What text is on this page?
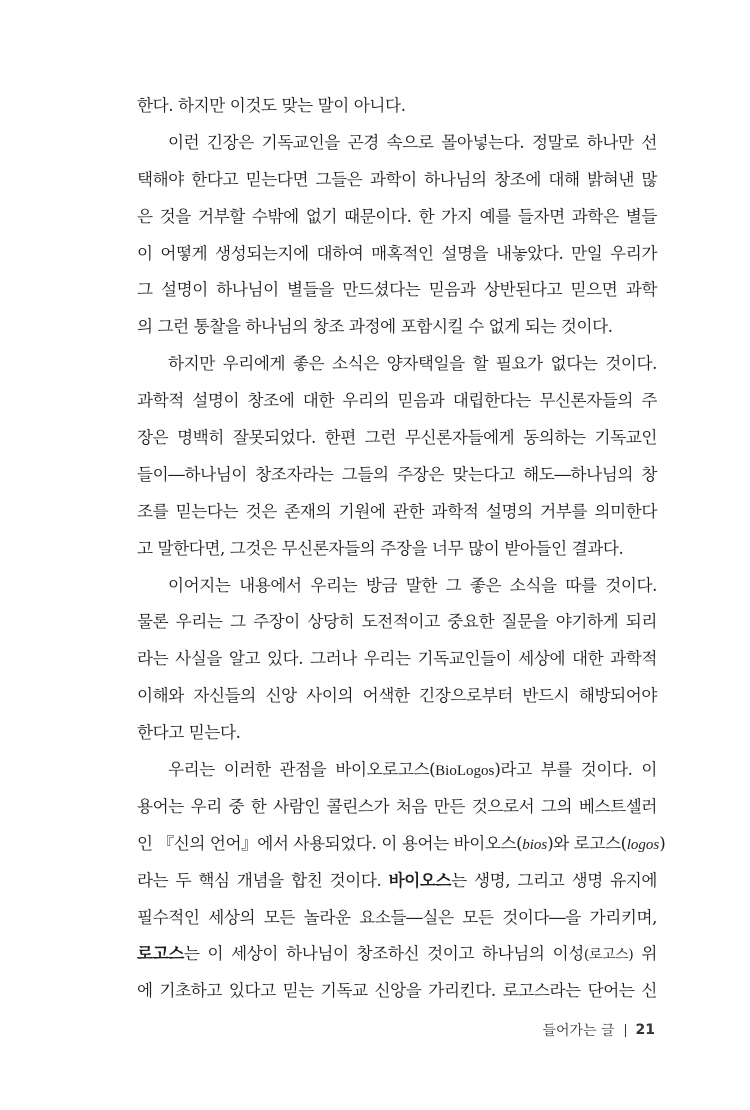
한다. 하지만 이것도 맞는 말이 아니다.
이런 긴장은 기독교인을 곤경 속으로 몰아넣는다. 정말로 하나만 선
택해야 한다고 믿는다면 그들은 과학이 하나님의 창조에 대해 밝혀낸 많
은 것을 거부할 수밖에 없기 때문이다. 한 가지 예를 들자면 과학은 별들
이 어떻게 생성되는지에 대하여 매혹적인 설명을 내놓았다. 만일 우리가
그 설명이 하나님이 별들을 만드셨다는 믿음과 상반된다고 믿으면 과학
의 그런 통찰을 하나님의 창조 과정에 포함시킬 수 없게 되는 것이다.
하지만 우리에게 좋은 소식은 양자택일을 할 필요가 없다는 것이다.
과학적 설명이 창조에 대한 우리의 믿음과 대립한다는 무신론자들의 주
장은 명백히 잘못되었다. 한편 그런 무신론자들에게 동의하는 기독교인
들이―하나님이 창조자라는 그들의 주장은 맞는다고 해도―하나님의 창
조를 믿는다는 것은 존재의 기원에 관한 과학적 설명의 거부를 의미한다
고 말한다면, 그것은 무신론자들의 주장을 너무 많이 받아들인 결과다.
이어지는 내용에서 우리는 방금 말한 그 좋은 소식을 따를 것이다.
물론 우리는 그 주장이 상당히 도전적이고 중요한 질문을 야기하게 되리
라는 사실을 알고 있다. 그러나 우리는 기독교인들이 세상에 대한 과학적
이해와 자신들의 신앙 사이의 어색한 긴장으로부터 반드시 해방되어야
한다고 믿는다.
우리는 이러한 관점을 바이오로고스(BioLogos)라고 부를 것이다. 이
용어는 우리 중 한 사람인 콜린스가 처음 만든 것으로서 그의 베스트셀러
인 『신의 언어』에서 사용되었다. 이 용어는 바이오스(bios)와 로고스(logos)
라는 두 핵심 개념을 합친 것이다. 바이오스는 생명, 그리고 생명 유지에
필수적인 세상의 모든 놀라운 요소들―실은 모든 것이다―을 가리키며,
로고스는 이 세상이 하나님이 창조하신 것이고 하나님의 이성(로고스) 위
에 기초하고 있다고 믿는 기독교 신앙을 가리킨다. 로고스라는 단어는 신
들어가는 글 21
